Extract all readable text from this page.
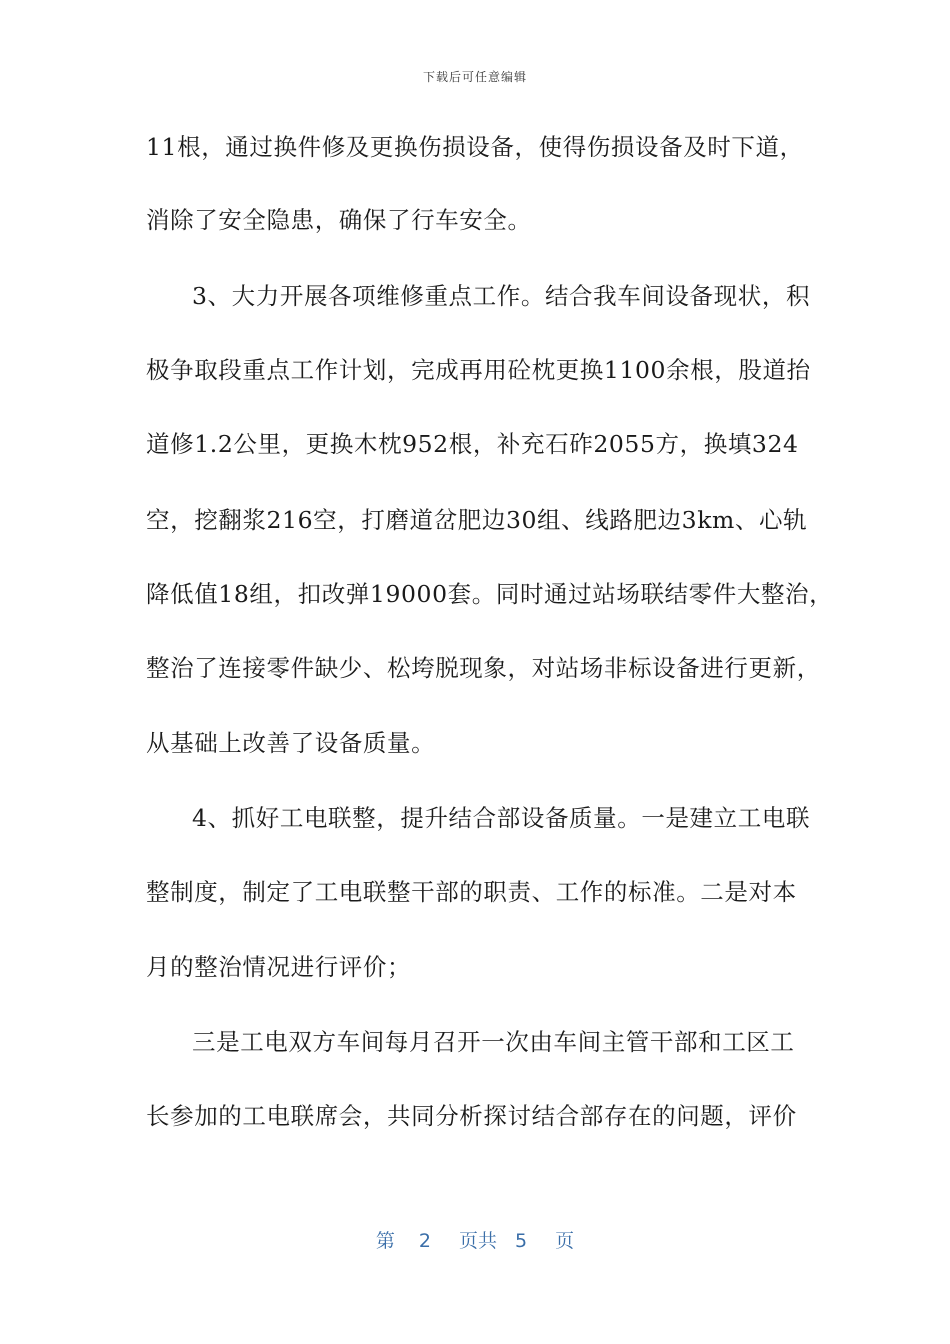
下载后可任意编辑
11根，通过换件修及更换伤损设备，使得伤损设备及时下道，
消除了安全隐患，确保了行车安全。
3、大力开展各项维修重点工作。结合我车间设备现状，积
极争取段重点工作计划，完成再用砼枕更换1100余根，股道抬
道修1.2公里，更换木枕952根，补充石砟2055方，换填324
空，挖翻浆216空，打磨道岔肥边30组、线路肥边3km、心轨
降低值18组，扣改弹19000套。同时通过站场联结零件大整治，
整治了连接零件缺少、松垮脱现象，对站场非标设备进行更新，
从基础上改善了设备质量。
4、抓好工电联整，提升结合部设备质量。一是建立工电联
整制度，制定了工电联整干部的职责、工作的标准。二是对本
月的整治情况进行评价；
三是工电双方车间每月召开一次由车间主管干部和工区工
长参加的工电联席会，共同分析探讨结合部存在的问题，评价
第 2 页共 5 页
